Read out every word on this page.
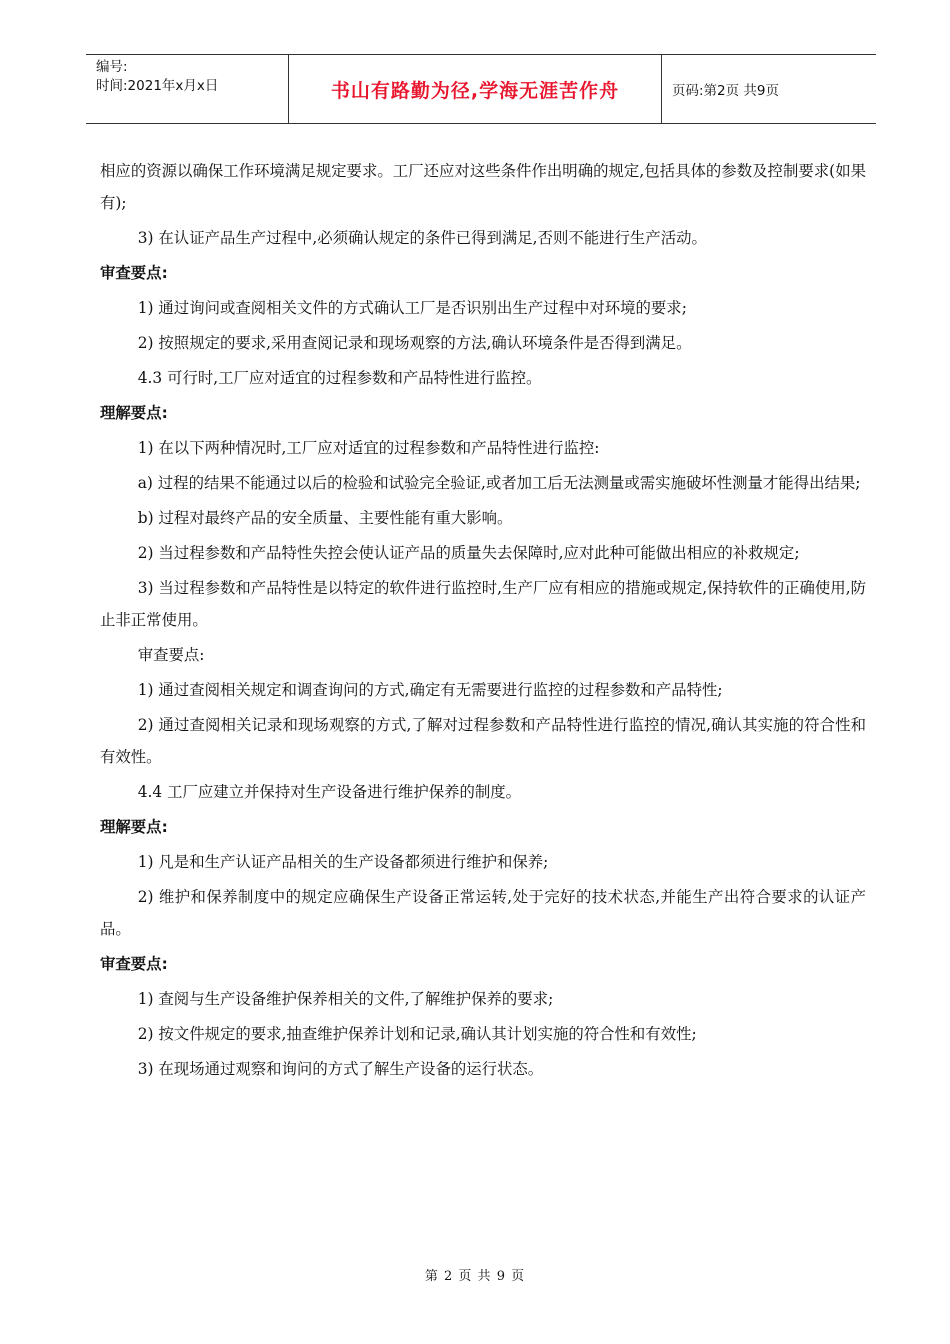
编号:
时间:2021年x月x日	书山有路勤为径,学海无涯苦作舟	页码:第2页 共9页

相应的资源以确保工作环境满足规定要求。工厂还应对这些条件作出明确的规定,包括具体的参数及控制要求(如果有);

3) 在认证产品生产过程中,必须确认规定的条件已得到满足,否则不能进行生产活动。

审查要点:

1) 通过询问或查阅相关文件的方式确认工厂是否识别出生产过程中对环境的要求;

2) 按照规定的要求,采用查阅记录和现场观察的方法,确认环境条件是否得到满足。

4.3 可行时,工厂应对适宜的过程参数和产品特性进行监控。

理解要点:

1) 在以下两种情况时,工厂应对适宜的过程参数和产品特性进行监控:

a) 过程的结果不能通过以后的检验和试验完全验证,或者加工后无法测量或需实施破坏性测量才能得出结果;

b) 过程对最终产品的安全质量、主要性能有重大影响。

2) 当过程参数和产品特性失控会使认证产品的质量失去保障时,应对此种可能做出相应的补救规定;

3) 当过程参数和产品特性是以特定的软件进行监控时,生产厂应有相应的措施或规定,保持软件的正确使用,防止非正常使用。

审查要点:

1) 通过查阅相关规定和调查询问的方式,确定有无需要进行监控的过程参数和产品特性;

2) 通过查阅相关记录和现场观察的方式,了解对过程参数和产品特性进行监控的情况,确认其实施的符合性和有效性。

4.4 工厂应建立并保持对生产设备进行维护保养的制度。

理解要点:

1) 凡是和生产认证产品相关的生产设备都须进行维护和保养;

2) 维护和保养制度中的规定应确保生产设备正常运转,处于完好的技术状态,并能生产出符合要求的认证产品。

审查要点:

1) 查阅与生产设备维护保养相关的文件,了解维护保养的要求;

2) 按文件规定的要求,抽查维护保养计划和记录,确认其计划实施的符合性和有效性;

3) 在现场通过观察和询问的方式了解生产设备的运行状态。

第 2 页 共 9 页
